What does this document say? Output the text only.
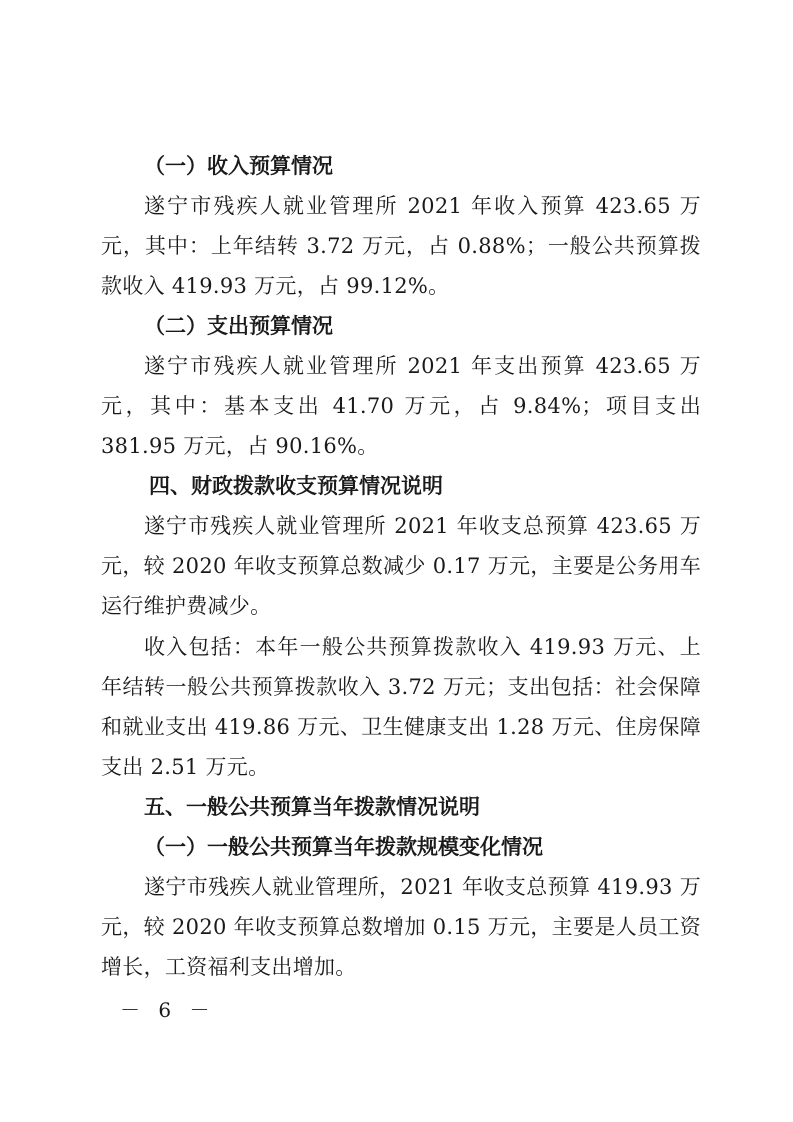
（一）收入预算情况

遂宁市残疾人就业管理所 2021 年收入预算 423.65 万元，其中：上年结转 3.72 万元，占 0.88%；一般公共预算拨款收入 419.93 万元，占 99.12%。

（二）支出预算情况

遂宁市残疾人就业管理所 2021 年支出预算 423.65 万元，其中：基本支出 41.70 万元，占 9.84%；项目支出 381.95 万元，占 90.16%。

四、财政拨款收支预算情况说明

遂宁市残疾人就业管理所 2021 年收支总预算 423.65 万元，较 2020 年收支预算总数减少 0.17 万元，主要是公务用车运行维护费减少。

收入包括：本年一般公共预算拨款收入 419.93 万元、上年结转一般公共预算拨款收入 3.72 万元；支出包括：社会保障和就业支出 419.86 万元、卫生健康支出 1.28 万元、住房保障支出 2.51 万元。

五、一般公共预算当年拨款情况说明

（一）一般公共预算当年拨款规模变化情况

遂宁市残疾人就业管理所，2021 年收支总预算 419.93 万元，较 2020 年收支预算总数增加 0.15 万元，主要是人员工资增长，工资福利支出增加。

－ 6 －
